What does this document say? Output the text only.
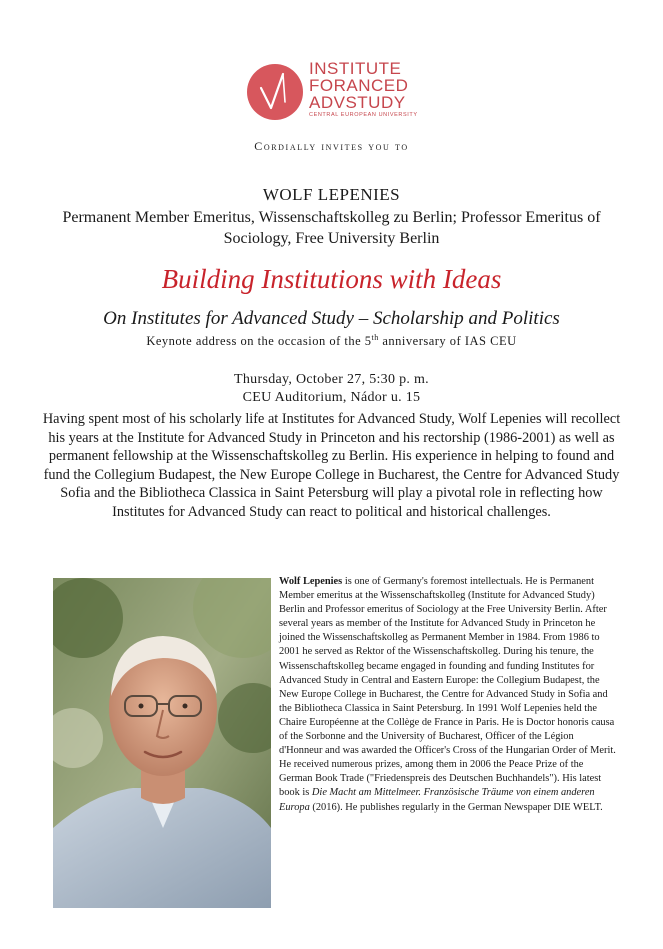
INSTITUTE
FORANCED
ADVSTUDY
CENTRAL EUROPEAN UNIVERSITY
Cordially invites you to
WOLF LEPENIES
Permanent Member Emeritus, Wissenschaftskolleg zu Berlin; Professor Emeritus of Sociology, Free University Berlin
Building Institutions with Ideas
On Institutes for Advanced Study – Scholarship and Politics
Keynote address on the occasion of the 5th anniversary of IAS CEU
Thursday, October 27, 5:30 p. m.
CEU Auditorium, Nádor u. 15
Having spent most of his scholarly life at Institutes for Advanced Study, Wolf Lepenies will recollect his years at the Institute for Advanced Study in Princeton and his rectorship (1986-2001) as well as permanent fellowship at the Wissenschaftskolleg zu Berlin. His experience in helping to found and fund the Collegium Budapest, the New Europe College in Bucharest, the Centre for Advanced Study Sofia and the Bibliotheca Classica in Saint Petersburg will play a pivotal role in reflecting how Institutes for Advanced Study can react to political and historical challenges.
Wolf Lepenies is one of Germany's foremost intellectuals. He is Permanent Member emeritus at the Wissenschaftskolleg (Institute for Advanced Study) Berlin and Professor emeritus of Sociology at the Free University Berlin. After several years as member of the Institute for Advanced Study in Princeton he joined the Wissenschaftskolleg as Permanent Member in 1984. From 1986 to 2001 he served as Rektor of the Wissenschaftskolleg. During his tenure, the Wissenschaftskolleg became engaged in founding and funding Institutes for Advanced Study in Central and Eastern Europe: the Collegium Budapest, the New Europe College in Bucharest, the Centre for Advanced Study in Sofia and the Bibliotheca Classica in Saint Petersburg. In 1991 Wolf Lepenies held the Chaire Européenne at the Collège de France in Paris. He is Doctor honoris causa of the Sorbonne and the University of Bucharest, Officer of the Légion d'Honneur and was awarded the Officer's Cross of the Hungarian Order of Merit. He received numerous prizes, among them in 2006 the Peace Prize of the German Book Trade ("Friedenspreis des Deutschen Buchhandels"). His latest book is Die Macht am Mittelmeer. Französische Träume von einem anderen Europa (2016). He publishes regularly in the German Newspaper DIE WELT.
